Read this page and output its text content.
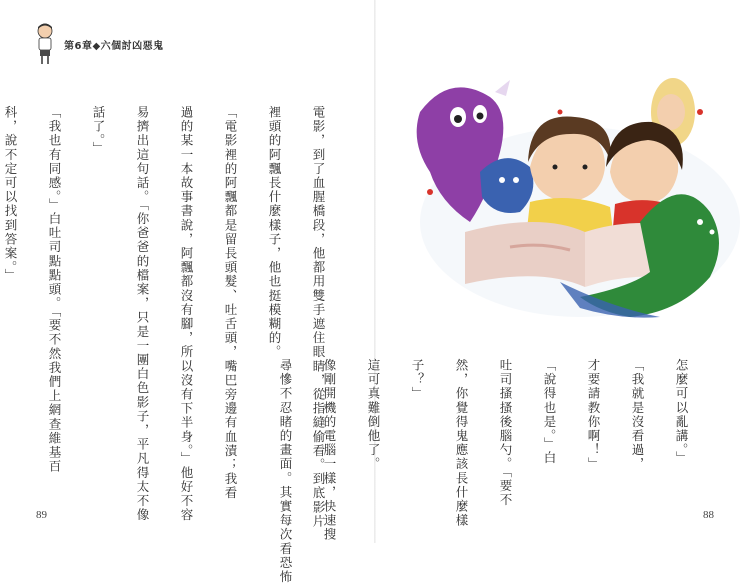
第6章◆六個討凶惡鬼

電影，到了血腥橋段，他都用雙手遮住眼睛，從指縫偷看。到底影片

裡頭的阿飄長什麼樣子，他也挺模糊的。

「電影裡的阿飄都是留長頭髮、吐舌頭，嘴巴旁邊有血漬；我看

過的某一本故事書說，阿飄都沒有腳，所以沒有下半身。」他好不容

易擠出這句話。「你爸爸的檔案，只是一團白色影子，平凡得太不像

話了。」

「我也有同感。」白吐司點點頭。「要不然我們上網查維基百

科，說不定可以找到答案。」

89

怎麼可以亂講。」

「我就是沒看過，

才要請教你啊！」

「說得也是。」白

吐司搔搔後腦勺。「要不

然，你覺得鬼應該長什麼樣

子？」

這可真難倒他了。

像剛開機的電腦一樣，快速搜

尋慘不忍睹的畫面。其實每次看恐怖
	88
